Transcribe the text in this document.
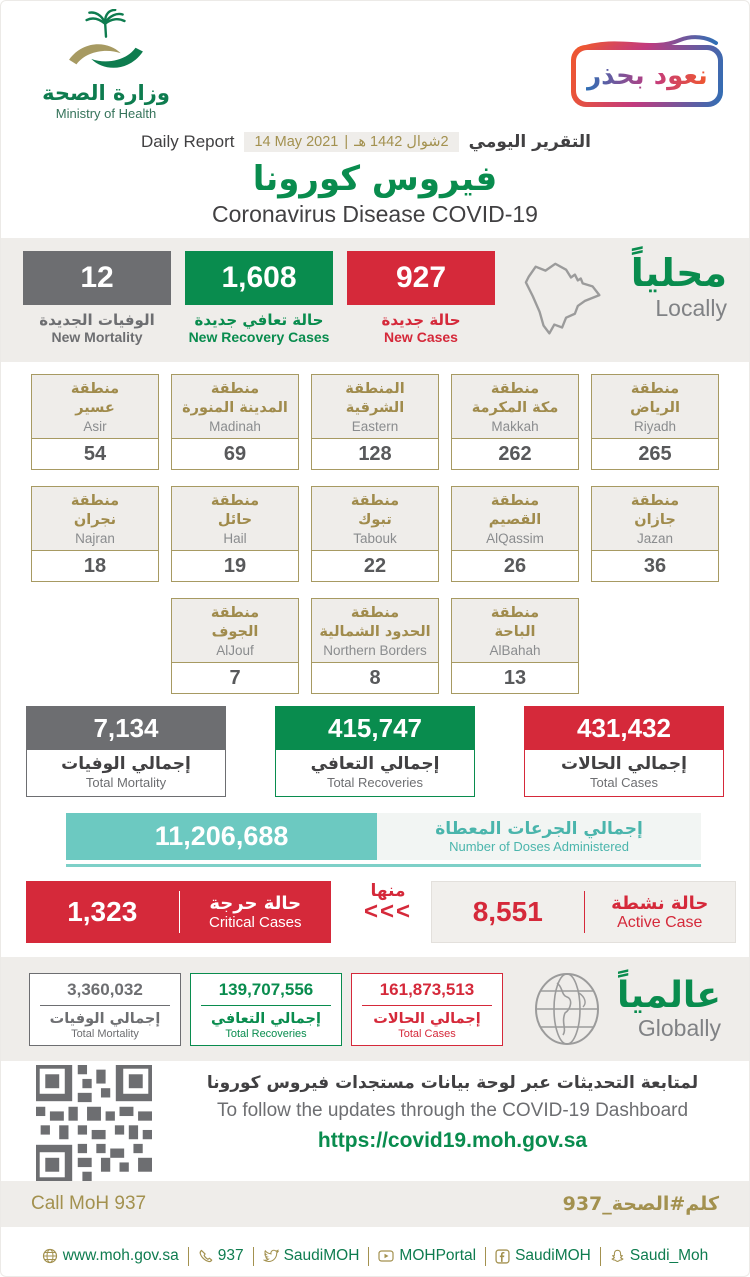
وزارة الصحة
Ministry of Health
نعود بحذر
Daily Report 14 May 2021 | 2شوال 1442 هـ التقرير اليومي
فيروس كورونا
Coronavirus Disease COVID-19
12
الوفيات الجديدة
New Mortality
1,608
حالة تعافي جديدة
New Recovery Cases
927
حالة جديدة
New Cases
محلياً
Locally
منطقة
عسير
Asir
54
منطقة
المدينة المنورة
Madinah
69
المنطقة
الشرقية
Eastern
128
منطقة
مكة المكرمة
Makkah
262
منطقة
الرياض
Riyadh
265
منطقة
نجران
Najran
18
منطقة
حائل
Hail
19
منطقة
تبوك
Tabouk
22
منطقة
القصيم
AlQassim
26
منطقة
جازان
Jazan
36
منطقة
الجوف
AlJouf
7
منطقة
الحدود الشمالية
Northern Borders
8
منطقة
الباحة
AlBahah
13
7,134
إجمالي الوفيات
Total Mortality
415,747
إجمالي التعافي
Total Recoveries
431,432
إجمالي الحالات
Total Cases
11,206,688	إجمالي الجرعات المعطاة
Number of Doses Administered
1,323	حالة حرجة
Critical Cases
منها
<<<	8,551	حالة نشطة
Active Case
3,360,032
إجمالي الوفيات
Total Mortality
139,707,556
إجمالي التعافي
Total Recoveries
161,873,513
إجمالي الحالات
Total Cases
عالمياً
Globally
لمتابعة التحديثات عبر لوحة بيانات مستجدات فيروس كورونا
To follow the updates through the COVID-19 Dashboard
https://covid19.moh.gov.sa
Call MoH 937	كلم#الصحة_937
www.moh.gov.sa	937	SaudiMOH	MOHPortal	SaudiMOH	Saudi_Moh
